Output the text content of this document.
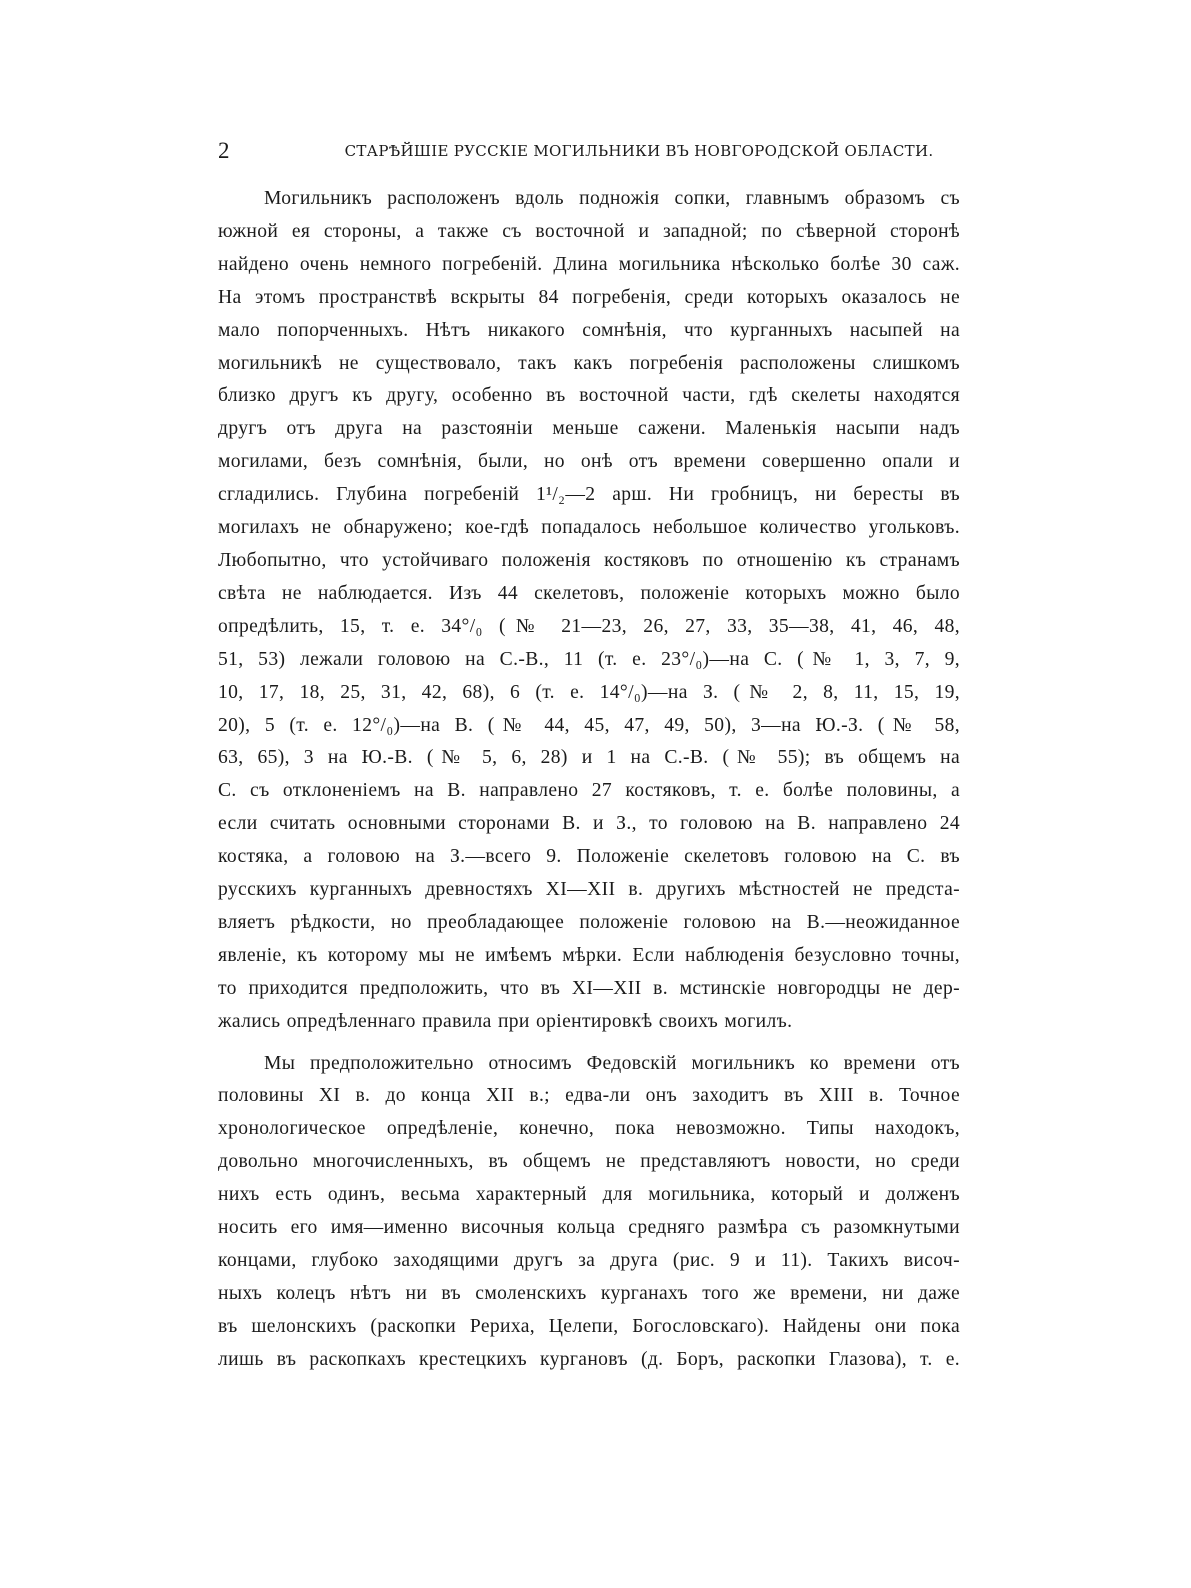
2	СТАРѢЙШІЕ РУССКІЕ МОГИЛЬНИКИ ВЪ НОВГОРОДСКОЙ ОБЛАСТИ.
Могильникъ расположенъ вдоль подножія сопки, главнымъ образомъ съ
южной ея стороны, а также съ восточной и западной; по сѣверной сторонѣ
найдено очень немного погребеній. Длина могильника нѣсколько болѣе 30 саж.
На этомъ пространствѣ вскрыты 84 погребенія, среди которыхъ оказалось не
мало попорченныхъ. Нѣтъ никакого сомнѣнія, что курганныхъ насыпей на
могильникѣ не существовало, такъ какъ погребенія расположены слишкомъ
близко другъ къ другу, особенно въ восточной части, гдѣ скелеты находятся
другъ отъ друга на разстояніи меньше сажени. Маленькія насыпи надъ
могилами, безъ сомнѣнія, были, но онѣ отъ времени совершенно опали и
сгладились. Глубина погребеній 1¹/₂—2 арш. Ни гробницъ, ни бересты въ
могилахъ не обнаружено; кое-гдѣ попадалось небольшое количество угольковъ.
Любопытно, что устойчиваго положенія костяковъ по отношенію къ странамъ
свѣта не наблюдается. Изъ 44 скелетовъ, положеніе которыхъ можно было
опредѣлить, 15, т. е. 34°/₀ (№ 21—23, 26, 27, 33, 35—38, 41, 46, 48,
51, 53) лежали головою на С.-В., 11 (т. е. 23°/₀)—на С. (№ 1, 3, 7, 9,
10, 17, 18, 25, 31, 42, 68), 6 (т. е. 14°/₀)—на З. (№ 2, 8, 11, 15, 19,
20), 5 (т. е. 12°/₀)—на В. (№ 44, 45, 47, 49, 50), 3—на Ю.-З. (№ 58,
63, 65), 3 на Ю.-В. (№ 5, 6, 28) и 1 на С.-В. (№ 55); въ общемъ на
С. съ отклоненіемъ на В. направлено 27 костяковъ, т. е. болѣе половины, а
если считать основными сторонами В. и З., то головою на В. направлено 24
костяка, а головою на З.—всего 9. Положеніе скелетовъ головою на С. въ
русскихъ курганныхъ древностяхъ XI—XII в. другихъ мѣстностей не предста-
вляетъ рѣдкости, но преобладающее положеніе головою на В.—неожиданное
явленіе, къ которому мы не имѣемъ мѣрки. Если наблюденія безусловно точны,
то приходится предположить, что въ XI—XII в. мстинскіе новгородцы не дер-
жались опредѣленнаго правила при оріентировкѣ своихъ могилъ.
Мы предположительно относимъ Федовскій могильникъ ко времени отъ
половины XI в. до конца XII в.; едва-ли онъ заходитъ въ XIII в. Точное
хронологическое опредѣленіе, конечно, пока невозможно. Типы находокъ,
довольно многочисленныхъ, въ общемъ не представляютъ новости, но среди
нихъ есть одинъ, весьма характерный для могильника, который и долженъ
носить его имя—именно височныя кольца средняго размѣра съ разомкнутыми
концами, глубоко заходящими другъ за друга (рис. 9 и 11). Такихъ височ-
ныхъ колецъ нѣтъ ни въ смоленскихъ курганахъ того же времени, ни даже
въ шелонскихъ (раскопки Рериха, Целепи, Богословскаго). Найдены они пока
лишь въ раскопкахъ крестецкихъ кургановъ (д. Боръ, раскопки Глазова), т. е.
